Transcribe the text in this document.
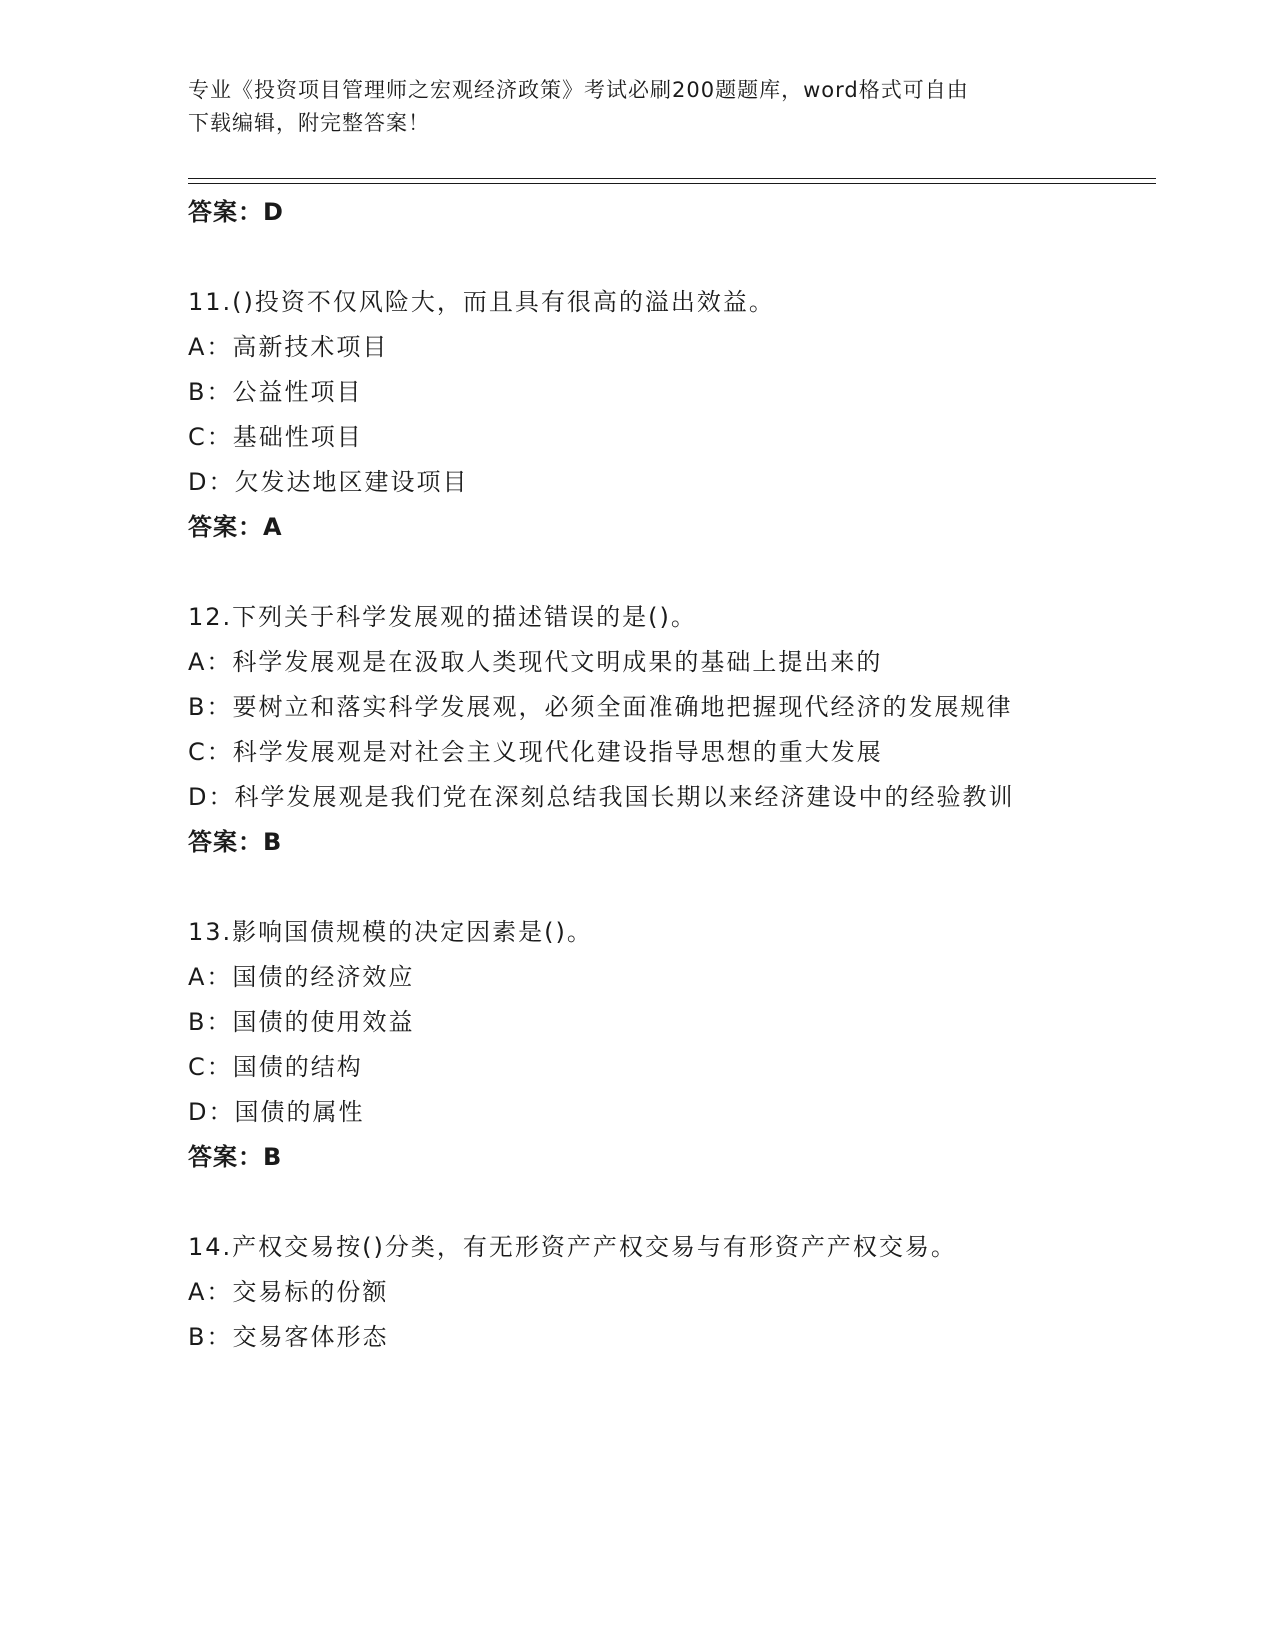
专业《投资项目管理师之宏观经济政策》考试必刷200题题库，word格式可自由
下载编辑，附完整答案！
答案：D
11.()投资不仅风险大，而且具有很高的溢出效益。
A：高新技术项目
B：公益性项目
C：基础性项目
D：欠发达地区建设项目
答案：A
12.下列关于科学发展观的描述错误的是()。
A：科学发展观是在汲取人类现代文明成果的基础上提出来的
B：要树立和落实科学发展观，必须全面准确地把握现代经济的发展规律
C：科学发展观是对社会主义现代化建设指导思想的重大发展
D：科学发展观是我们党在深刻总结我国长期以来经济建设中的经验教训
答案：B
13.影响国债规模的决定因素是()。
A：国债的经济效应
B：国债的使用效益
C：国债的结构
D：国债的属性
答案：B
14.产权交易按()分类，有无形资产产权交易与有形资产产权交易。
A：交易标的份额
B：交易客体形态
